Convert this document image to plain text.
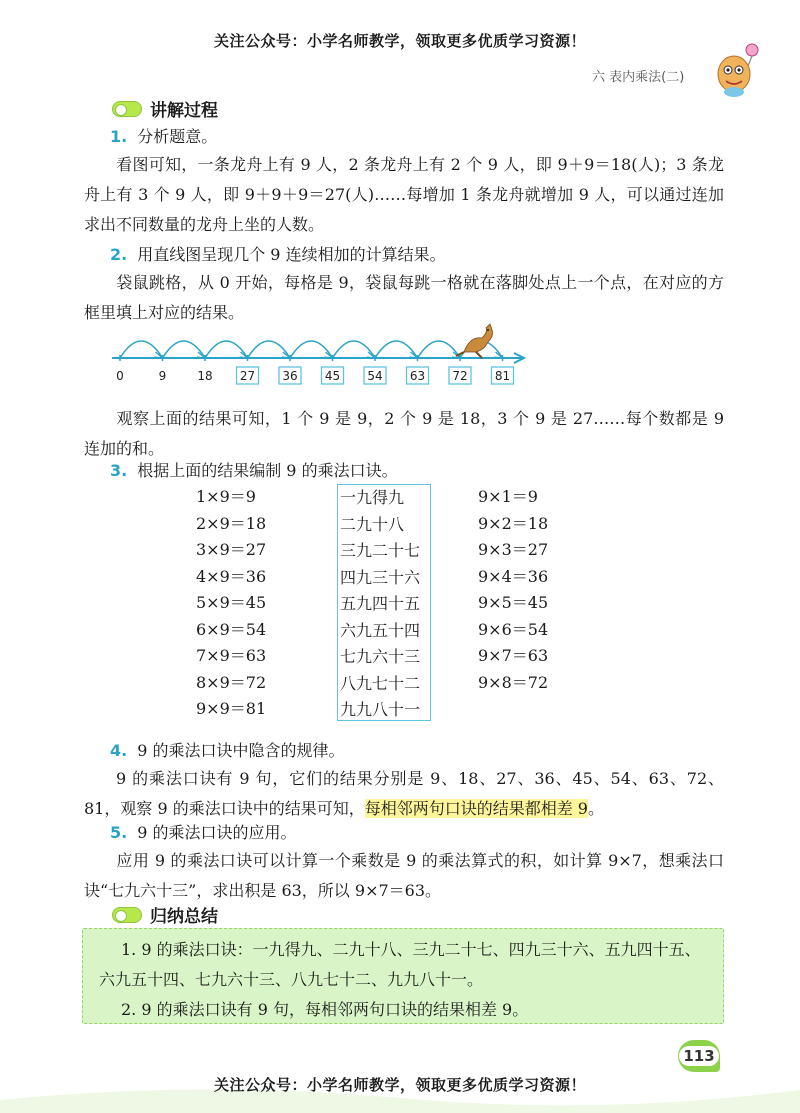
关注公众号：小学名师教学，领取更多优质学习资源！
六 表内乘法(二)
讲解过程
1. 分析题意。
看图可知，一条龙舟上有 9 人，2 条龙舟上有 2 个 9 人，即 9＋9＝18(人)；3 条龙舟上有 3 个 9 人，即 9＋9＋9＝27(人)……每增加 1 条龙舟就增加 9 人，可以通过连加求出不同数量的龙舟上坐的人数。
2. 用直线图呈现几个 9 连续相加的计算结果。
袋鼠跳格，从 0 开始，每格是 9，袋鼠每跳一格就在落脚处点上一个点，在对应的方框里填上对应的结果。
0	9	18 27 36 45 54 63 72 81
观察上面的结果可知，1 个 9 是 9，2 个 9 是 18，3 个 9 是 27……每个数都是 9 连加的和。
3. 根据上面的结果编制 9 的乘法口诀。
1×9＝9
2×9＝18
3×9＝27
4×9＝36
5×9＝45
6×9＝54
7×9＝63
8×9＝72
9×9＝81
一九得九
二九十八
三九二十七
四九三十六
五九四十五
六九五十四
七九六十三
八九七十二
九九八十一
9×1＝9
9×2＝18
9×3＝27
9×4＝36
9×5＝45
9×6＝54
9×7＝63
9×8＝72
4. 9 的乘法口诀中隐含的规律。
9 的乘法口诀有 9 句，它们的结果分别是 9、18、27、36、45、54、63、72、81，观察 9 的乘法口诀中的结果可知，每相邻两句口诀的结果都相差 9。
5. 9 的乘法口诀的应用。
应用 9 的乘法口诀可以计算一个乘数是 9 的乘法算式的积，如计算 9×7，想乘法口诀“七九六十三”，求出积是 63，所以 9×7＝63。
归纳总结
1. 9 的乘法口诀：一九得九、二九十八、三九二十七、四九三十六、五九四十五、六九五十四、七九六十三、八九七十二、九九八十一。
2. 9 的乘法口诀有 9 句，每相邻两句口诀的结果相差 9。
113
关注公众号：小学名师教学，领取更多优质学习资源！
